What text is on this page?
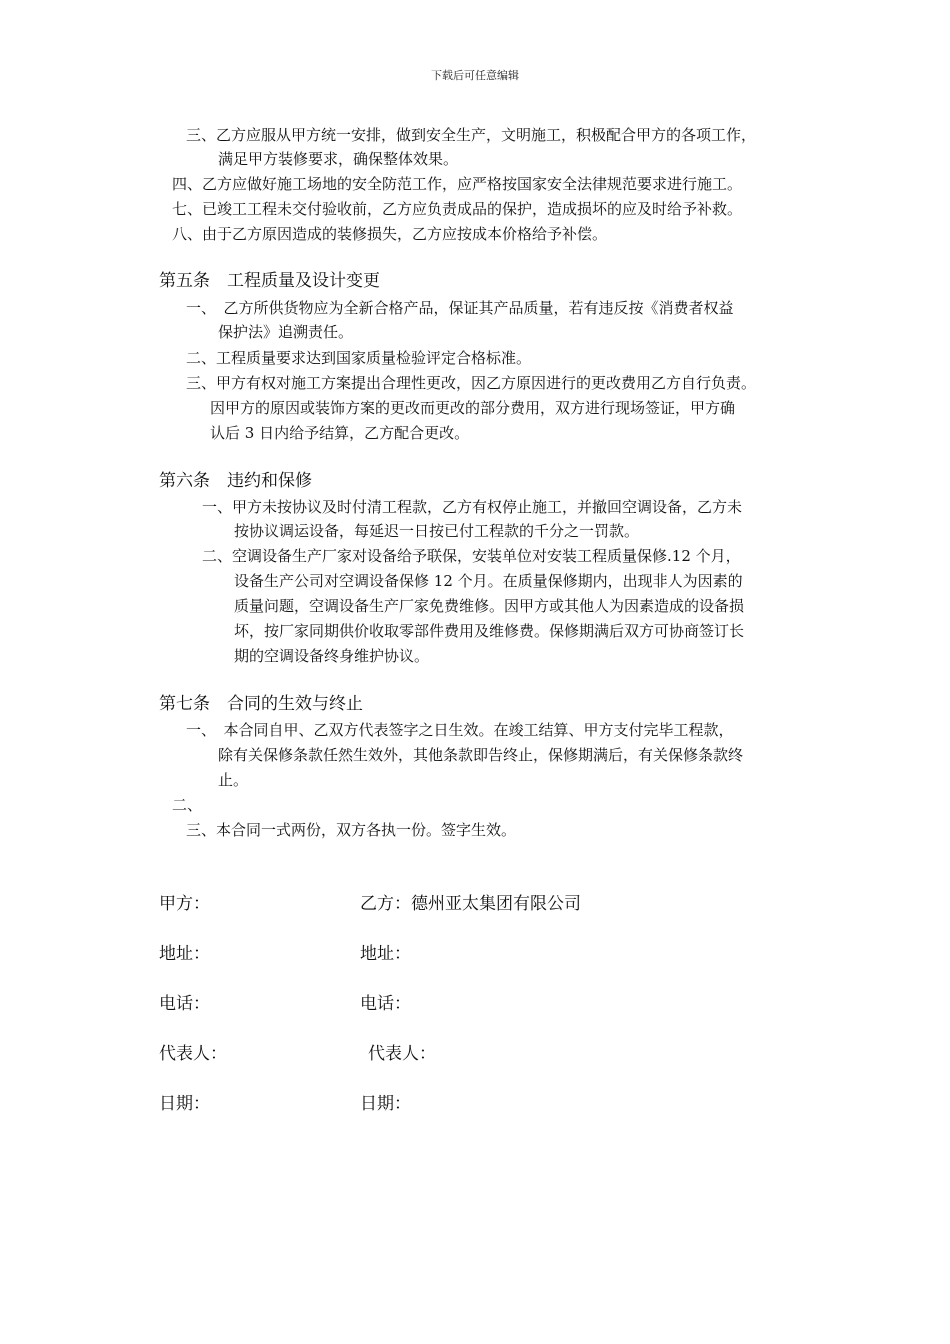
下载后可任意编辑
三、乙方应服从甲方统一安排，做到安全生产，文明施工，积极配合甲方的各项工作，
满足甲方装修要求，确保整体效果。
四、乙方应做好施工场地的安全防范工作，应严格按国家安全法律规范要求进行施工。
七、已竣工工程未交付验收前，乙方应负责成品的保护，造成损坏的应及时给予补救。
八、由于乙方原因造成的装修损失，乙方应按成本价格给予补偿。
第五条　工程质量及设计变更
一、　乙方所供货物应为全新合格产品，保证其产品质量，若有违反按《消费者权益
保护法》追溯责任。
二、工程质量要求达到国家质量检验评定合格标准。
三、甲方有权对施工方案提出合理性更改，因乙方原因进行的更改费用乙方自行负责。
因甲方的原因或装饰方案的更改而更改的部分费用，双方进行现场签证，甲方确
认后 3 日内给予结算，乙方配合更改。
第六条　违约和保修
一、甲方未按协议及时付清工程款，乙方有权停止施工，并撤回空调设备，乙方未
按协议调运设备，每延迟一日按已付工程款的千分之一罚款。
二、空调设备生产厂家对设备给予联保，安装单位对安装工程质量保修.12 个月，
设备生产公司对空调设备保修 12 个月。在质量保修期内，出现非人为因素的
质量问题，空调设备生产厂家免费维修。因甲方或其他人为因素造成的设备损
坏，按厂家同期供价收取零部件费用及维修费。保修期满后双方可协商签订长
期的空调设备终身维护协议。
第七条　合同的生效与终止
一、　本合同自甲、乙双方代表签字之日生效。在竣工结算、甲方支付完毕工程款，
除有关保修条款任然生效外，其他条款即告终止，保修期满后，有关保修条款终
止。
二、
三、本合同一式两份，双方各执一份。签字生效。
甲方：	乙方：德州亚太集团有限公司
地址：	地址：
电话：	电话：
代表人：	代表人：
日期：	日期：
